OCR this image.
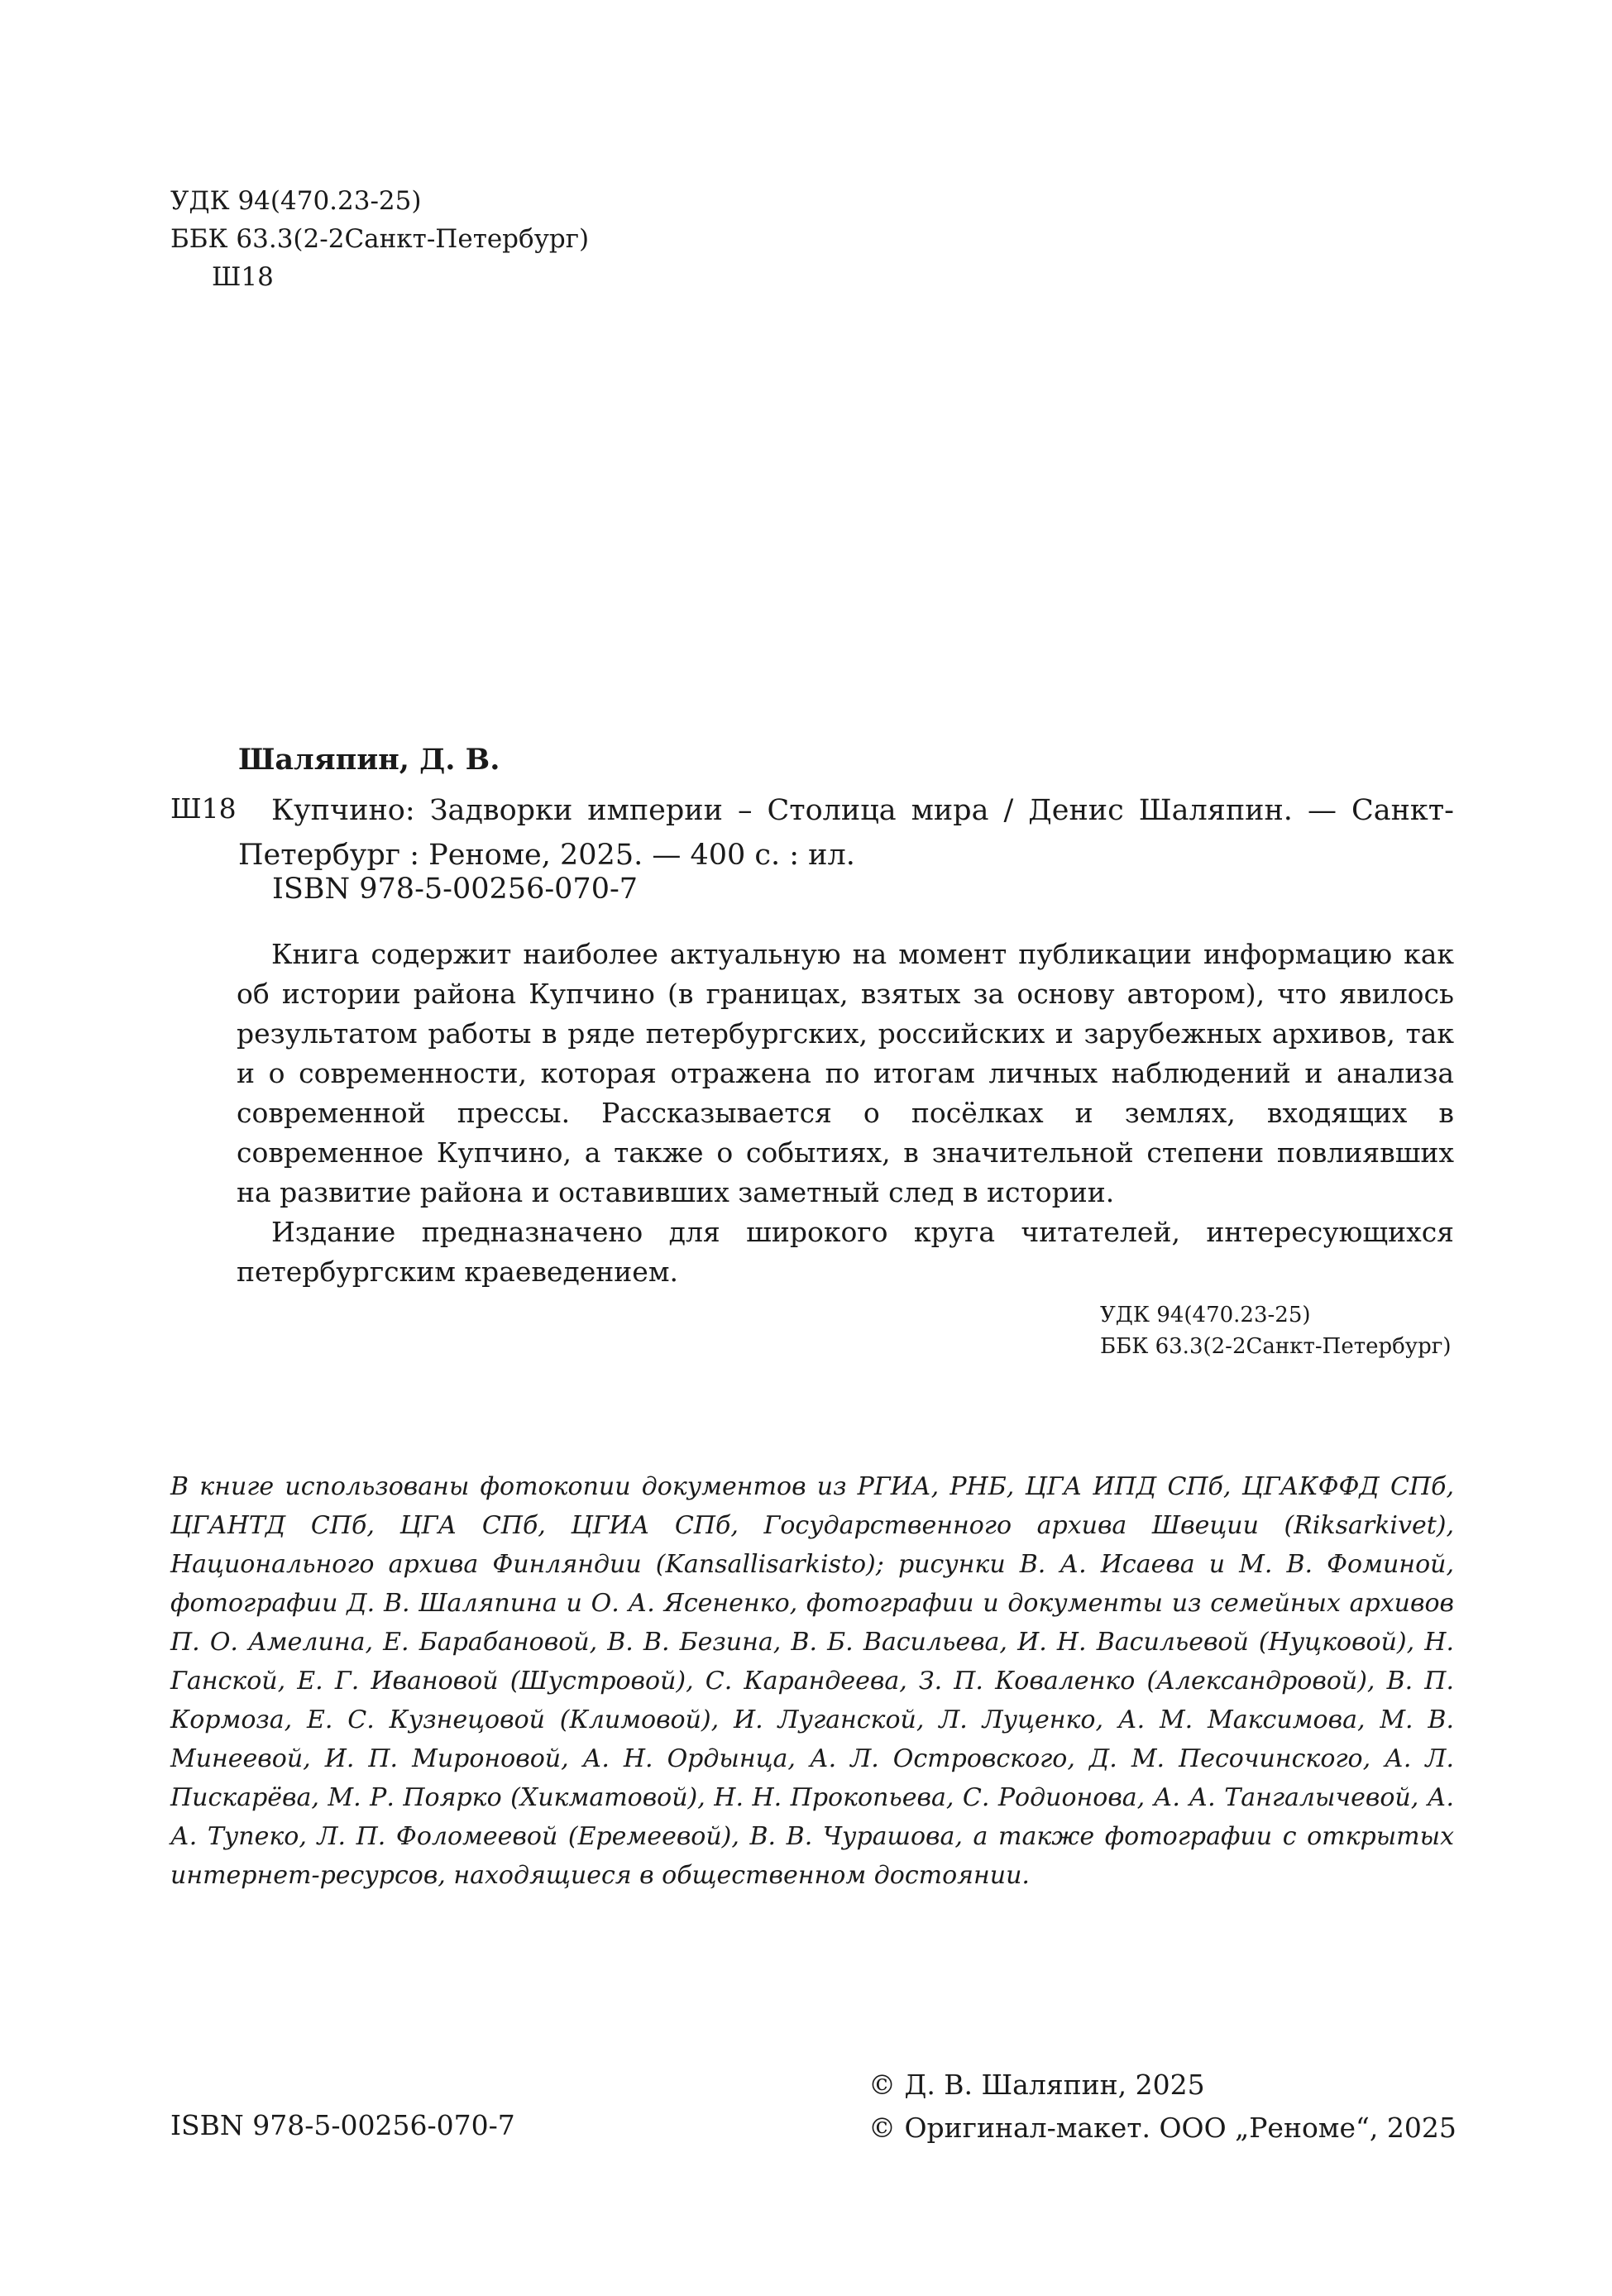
УДК 94(470.23-25)
ББК 63.3(2-2Санкт-Петербург)
Ш18
Шаляпин, Д. В.
Ш18	Купчино: Задворки империи – Столица мира / Денис Шаляпин. — Санкт-
Петербург : Реноме, 2025. — 400 с. : ил.
ISBN 978-5-00256-070-7

Книга содержит наиболее актуальную на момент публикации информацию как об истории района Купчино (в границах, взятых за основу автором), что явилось результатом работы в ряде петербургских, российских и зарубежных архивов, так и о современности, которая отражена по итогам личных наблюдений и анализа современной прессы. Рассказывается о посёлках и землях, входящих в современное Купчино, а также о событиях, в значительной степени повлиявших на развитие района и оставивших заметный след в истории.

Издание предназначено для широкого круга читателей, интересующихся петербургским краеведением.

УДК 94(470.23-25)
ББК 63.3(2-2Санкт-Петербург)
В книге использованы фотокопии документов из РГИА, РНБ, ЦГА ИПД СПб, ЦГАКФФД СПб, ЦГАНТД СПб, ЦГА СПб, ЦГИА СПб, Государственного архива Швеции (Riksarkivet), Национального архива Финляндии (Kansallisarkisto); рисунки В. А. Исаева и М. В. Фоминой, фотографии Д. В. Шаляпина и О. А. Ясененко, фотографии и документы из семейных архивов П. О. Амелина, Е. Барабановой, В. В. Безина, В. Б. Васильева, И. Н. Васильевой (Нуцковой), Н. Ганской, Е. Г. Ивановой (Шустровой), С. Карандеева, З. П. Коваленко (Александровой), В. П. Кормоза, Е. С. Кузнецовой (Климовой), И. Луганской, Л. Луценко, А. М. Максимова, М. В. Минеевой, И. П. Мироновой, А. Н. Ордынца, А. Л. Островского, Д. М. Песочинского, А. Л. Пискарёва, М. Р. Поярко (Хикматовой), Н. Н. Прокопьева, С. Родионова, А. А. Тангалычевой, А. А. Тупеко, Л. П. Фоломеевой (Еремеевой), В. В. Чурашова, а также фотографии с открытых интернет-ресурсов, находящиеся в общественном достоянии.
ISBN 978-5-00256-070-7
© Д. В. Шаляпин, 2025
© Оригинал-макет. ООО „Реноме“, 2025
